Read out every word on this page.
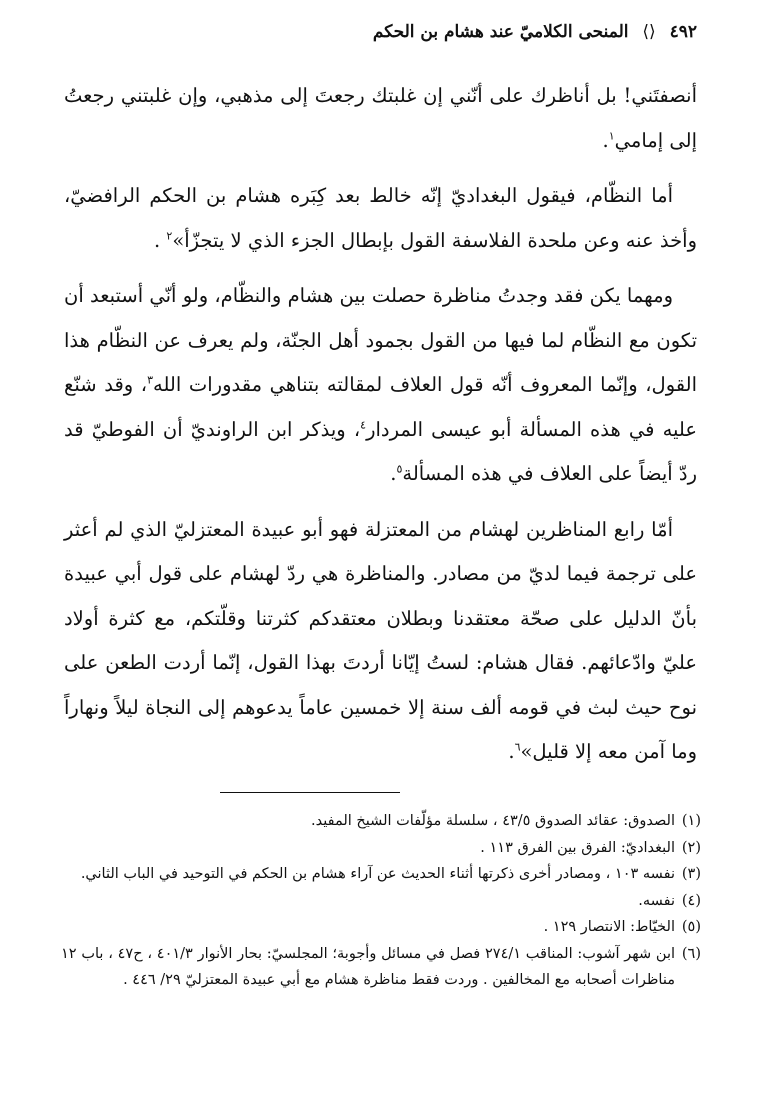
٤٩٢ ⟨⟩ المنحى الكلاميّ عند هشام بن الحكم

أنصفتَني! بل أناظرك على أنّني إن غلبتك رجعتَ إلى مذهبي، وإن غلبتني رجعتُ إلى إمامي$^١$.

أما النظّام، فيقول البغداديّ إنّه خالط بعد كِبَره هشام بن الحكم الرافضيّ، وأخذ عنه وعن ملحدة الفلاسفة القول بإبطال الجزء الذي لا يتجزّأ»$^٢$ .

ومهما يكن فقد وجدتُ مناظرة حصلت بين هشام والنظّام، ولو أنّي أستبعد أن تكون مع النظّام لما فيها من القول بجمود أهل الجنّة، ولم يعرف عن النظّام هذا القول، وإنّما المعروف أنّه قول العلاف لمقالته بتناهي مقدورات الله$^٣$، وقد شنّع عليه في هذه المسألة أبو عيسى المردار$^٤$، ويذكر ابن الراونديّ أن الفوطيّ قد ردّ أيضاً على العلاف في هذه المسألة$^٥$.

أمّا رابع المناظرين لهشام من المعتزلة فهو أبو عبيدة المعتزليّ الذي لم أعثر على ترجمة فيما لديّ من مصادر. والمناظرة هي ردّ لهشام على قول أبي عبيدة بأنّ الدليل على صحّة معتقدنا وبطلان معتقدكم كثرتنا وقلّتكم، مع كثرة أولاد عليّ وادّعائهم. فقال هشام: لستُ إيّانا أردتَ بهذا القول، إنّما أردت الطعن على نوح حيث لبث في قومه ألف سنة إلا خمسين عاماً يدعوهم إلى النجاة ليلاً ونهاراً وما آمن معه إلا قليل»$^٦$.

(١)
الصدوق: عقائد الصدوق ٤٣/٥ ، سلسلة مؤلّفات الشيخ المفيد.
(٢)
البغداديّ: الفرق بين الفرق ١١٣ .
(٣)
نفسه ١٠٣ ، ومصادر أخرى ذكرتها أثناء الحديث عن آراء هشام بن الحكم في التوحيد في الباب الثاني.
(٤)
نفسه.
(٥)
الخيّاط: الانتصار ١٢٩ .
(٦)
ابن شهر آشوب: المناقب ٢٧٤/١ فصل في مسائل وأجوبة؛ المجلسيّ: بحار الأنوار ٤٠١/٣ ، ح٤٧ ، باب ١٢ مناظرات أصحابه مع المخالفين . وردت فقط مناظرة هشام مع أبي عبيدة المعتزليّ ٢٩/ ٤٤٦ .
